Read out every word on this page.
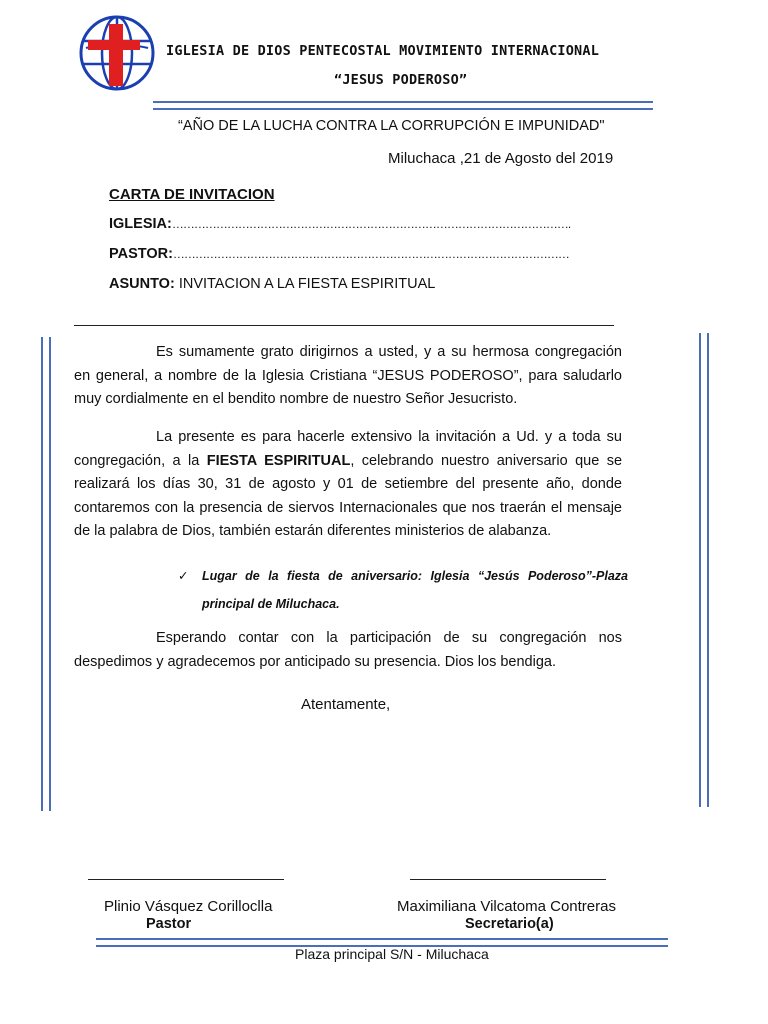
IGLESIA DE DIOS PENTECOSTAL MOVIMIENTO INTERNACIONAL
“JESUS PODEROSO”
“AÑO DE LA LUCHA CONTRA LA CORRUPCIÓN E IMPUNIDAD"
Miluchaca ,21 de Agosto del 2019
CARTA DE INVITACION
IGLESIA:……………………………………………………………………………………………….
PASTOR:………………………………………………………………………………………………
ASUNTO: INVITACION A LA FIESTA ESPIRITUAL

Es sumamente grato dirigirnos a usted, y a su hermosa congregación en general, a nombre de la Iglesia Cristiana “JESUS PODEROSO”, para saludarlo muy cordialmente en el bendito nombre de nuestro Señor Jesucristo.

La presente es para hacerle extensivo la invitación a Ud. y a toda su congregación, a la FIESTA ESPIRITUAL, celebrando nuestro aniversario que se realizará los días 30, 31 de agosto y 01 de setiembre del presente año, donde contaremos con la presencia de siervos Internacionales que nos traerán el mensaje de la palabra de Dios, también estarán diferentes ministerios de alabanza.

✓	Lugar de la fiesta de aniversario: Iglesia “Jesús Poderoso”-Plaza principal de Miluchaca.

Esperando contar con la participación de su congregación nos despedimos y agradecemos por anticipado su presencia. Dios los bendiga.

Atentamente,
Plinio Vásquez Corilloclla
Pastor
Maximiliana Vilcatoma Contreras
Secretario(a)
Plaza principal S/N - Miluchaca
